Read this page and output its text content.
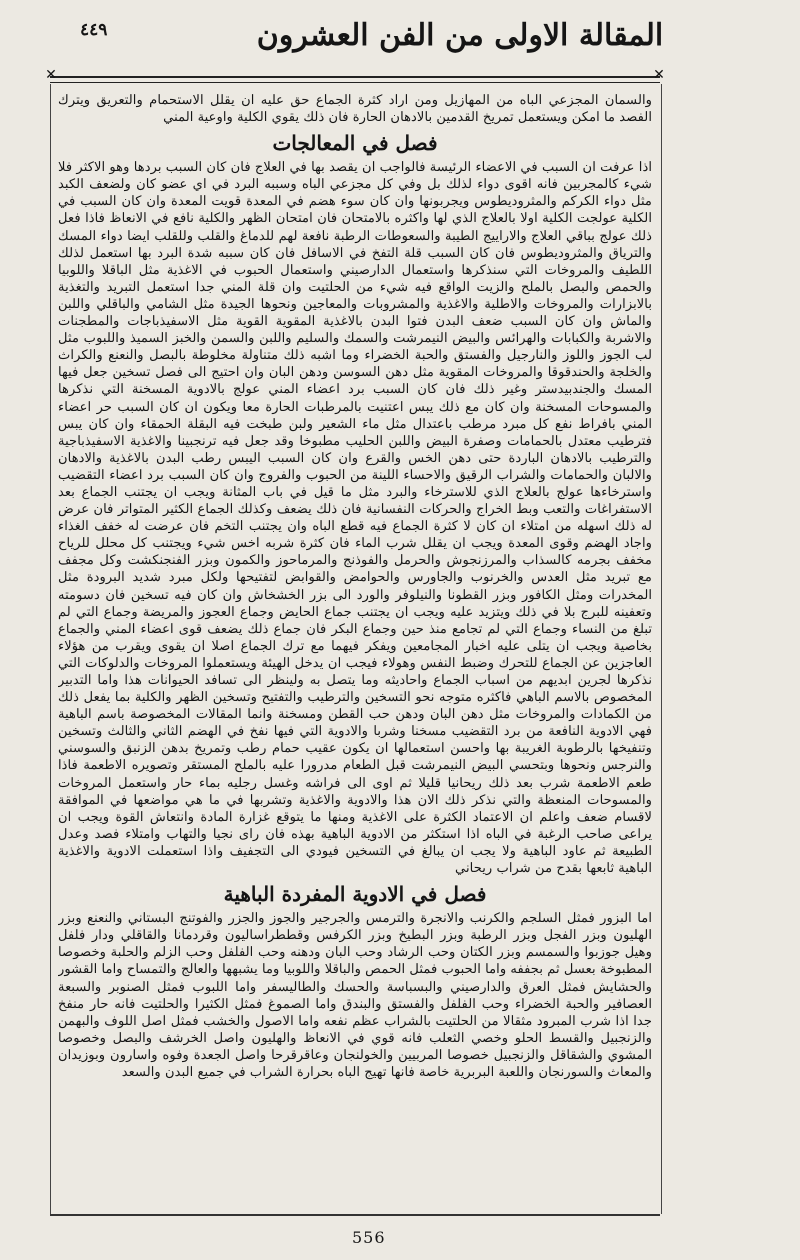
٤٤٩	المقالة الاولى من الفن العشرون
✕	✕

والسمان المجزعي الباه من المهازيل ومن اراد كثرة الجماع حق عليه ان يقلل الاستحمام والتعريق ويترك الفصد ما امكن ويستعمل تمريخ القدمين بالادهان الحارة فان ذلك يقوي الكلية واوعية المني

فصل في المعالجات

اذا عرفت ان السبب في الاعضاء الرئيسة فالواجب ان يقصد بها في العلاج فان كان السبب بردها وهو الاكثر فلا شيء كالمجربين فانه اقوى دواء لذلك بل وفي كل مجزعي الباه وسببه البرد في اي عضو كان ولضعف الكبد مثل دواء الكركم والمثروديطوس ويجربونها وان كان سوء هضم في المعدة قويت المعدة وان كان السبب في الكلية عولجت الكلية اولا بالعلاج الذي لها واكثره بالامتحان فان امتحان الظهر والكلية نافع في الانعاظ فاذا فعل ذلك عولج بباقي العلاج والاراييج الطيبة والسعوطات الرطبة نافعة لهم للدماغ والقلب وللقلب ايضا دواء المسك والترياق والمثروديطوس فان كان السبب قلة التفخ في الاسافل فان كان سببه شدة البرد بها استعمل لذلك اللطيف والمروخات التي سنذكرها واستعمال الدارصيني واستعمال الحبوب في الاغذية مثل الباقلا واللوبيا والحمص والبصل بالملح والزيت الواقع فيه شيء من الحلتيت وان قلة المني جدا استعمل التبريد والتغذية بالابزارات والمروخات والاطلية والاغذية والمشروبات والمعاجين ونحوها الجيدة مثل الشامي والباقلي واللبن والماش وان كان السبب ضعف البدن فتوا البدن بالاغذية المقوية القوية مثل الاسفيذباجات والمطجنات والاشربة والكبابات والهرائس والبيض النيمرشت والسمك والسليم واللبن والسمن والخبز السميذ واللبوب مثل لب الجوز واللوز والنارجيل والفستق والحبة الخضراء وما اشبه ذلك متناولة مخلوطة بالبصل والنعنع والكراث والخلجة والحندقوقا والمروخات المقوية مثل دهن السوسن ودهن البان وان احتيج الى فصل تسخين جعل فيها المسك والجندبيدستر وغير ذلك فان كان السبب برد اعضاء المني عولج بالادوية المسخنة التي نذكرها والمسوحات المسخنة وان كان مع ذلك يبس اعتنيت بالمرطبات الحارة معا ويكون ان كان السبب حر اعضاء المني بافراط نفع كل مبرد مرطب باعتدال مثل ماء الشعير ولبن طبخت فيه البقلة الحمقاء وان كان يبس فترطيب معتدل بالحمامات وصفرة البيض واللبن الحليب مطبوخا وقد جعل فيه ترنجبينا والاغذية الاسفيذباجية والترطيب بالادهان الباردة حتى دهن الخس والقرع وان كان السبب اليبس رطب البدن بالاغذية والادهان والالبان والحمامات والشراب الرقيق والاحساء اللينة من الحبوب والفروج وان كان السبب برد اعضاء التقضيب واسترخاءها عولج بالعلاج الذي للاسترخاء والبرد مثل ما قيل في باب المثانة ويجب ان يجتنب الجماع بعد الاستفراغات والتعب وبط الخراج والحركات النفسانية فان ذلك يضعف وكذلك الجماع الكثير المتواتر فان عرض له ذلك اسهله من امتلاء ان كان لا كثرة الجماع فيه قطع الباه وان يجتنب التخم فان عرضت له خفف الغذاء واجاد الهضم وقوى المعدة ويجب ان يقلل شرب الماء فان كثرة شربه اخس شيء ويجتنب كل محلل للرياح مخفف بجرمه كالسذاب والمرزنجوش والحرمل والفوذنج والمرماحوز والكمون وبزر الفنجنكشت وكل مجفف مع تبريد مثل العدس والخرنوب والجاورس والحوامض والقوابض لتفتيحها ولكل مبرد شديد البرودة مثل المخدرات ومثل الكافور وبزر القطونا والنيلوفر والورد الى بزر الخشخاش وان كان فيه تسخين فان دسومته وتعفينه للبرج بلا في ذلك ويتزيد عليه ويجب ان يجتنب جماع الحايض وجماع العجوز والمريضة وجماع التي لم تبلغ من النساء وجماع التي لم تجامع منذ حين وجماع البكر فان جماع ذلك يضعف قوى اعضاء المني والجماع بخاصية ويجب ان يتلى عليه اخبار المجامعين ويفكر فيهما مع ترك الجماع اصلا ان يقوى ويقرب من هؤلاء العاجزين عن الجماع للتحرك وضبط النفس وهولاء فيجب ان يدخل الهيئة ويستعملوا المروخات والدلوكات التي نذكرها لجرين ابديهم من اسباب الجماع واحاديثه وما يتصل به ولينظر الى تسافد الحيوانات هذا واما التدبير المخصوص بالاسم الباهي فاكثره متوجه نحو التسخين والترطيب والتفتيح وتسخين الظهر والكلية بما يفعل ذلك من الكمادات والمروخات مثل دهن البان ودهن حب القطن ومسخنة وانما المقالات المخصوصة باسم الباهية فهي الادوية النافعة من برد التقضيب مسخنا وشربا والادوية التي فيها نفخ في الهضم الثاني والثالث وتسخين وتنفيخها بالرطوبة الغريبة بها واحسن استعمالها ان يكون عقيب حمام رطب وتمريخ بدهن الزنبق والسوسني والنرجس ونحوها وبتحسي البيض النيمرشت قبل الطعام مدرورا عليه بالملح المستقر وتصويره الاطعمة فاذا طعم الاطعمة شرب بعد ذلك ريحانيا قليلا ثم اوى الى فراشه وغسل رجليه بماء حار واستعمل المروخات والمسوحات المنعظة والتي نذكر ذلك الان هذا والادوية والاغذية وتشربها في ما هي مواضعها في الموافقة لاقسام ضعف واعلم ان الاعتماد الكثرة على الاغذية ومنها ما يتوقع غزارة المادة وانتعاش القوة ويجب ان يراعى صاحب الرغبة في الباه اذا استكثر من الادوية الباهية بهذه فان راى نجيا والتهاب وامتلاء فصد وعدل الطبيعة ثم عاود الباهية ولا يجب ان يبالغ في التسخين فيودي الى التجفيف واذا استعملت الادوية والاغذية الباهية ثابعها بقدح من شراب ريحاني

فصل في الادوية المفردة الباهية

اما البزور فمثل السلجم والكرنب والانجرة والترمس والجرجير والجوز والجزر والفوتنج البستاني والنعنع وبزر الهليون وبزر الفجل وبزر الرطبة وبزر البطيخ وبزر الكرفس وقططراساليون وقردمانا والقاقلي ودار فلفل وهيل جوزبوا والسمسم وبزر الكتان وحب الرشاد وحب البان ودهنه وحب الفلفل وحب الزلم والحلبة وخصوصا المطبوخة بعسل ثم بجففه واما الحبوب فمثل الحمص والباقلا واللوبيا وما يشبهها والعالج والتمساح واما القشور والحشايش فمثل العرق والدارصيني والبسباسة والحسك والطاليسفر واما اللبوب فمثل الصنوبر والسبعة العصافير والحبة الخضراء وحب الفلفل والفستق والبندق واما الصموغ فمثل الكثيرا والحلتيت فانه حار منفخ جدا اذا شرب المبرود مثقالا من الحلتيت بالشراب عظم نفعه واما الاصول والخشب فمثل اصل اللوف والبهمن والزنجبيل والقسط الحلو وخصي الثعلب فانه قوي في الانعاظ والهليون واصل الخرشف والبصل وخصوصا المشوي والشقاقل والزنجبيل خصوصا المربيين والخولنجان وعاقرقرحا واصل الجعدة وفوه واسارون وبوزيدان والمعاث والسورنجان واللعبة البربرية خاصة فانها تهيج الباه بحرارة الشراب في جميع البدن والسعد

556
